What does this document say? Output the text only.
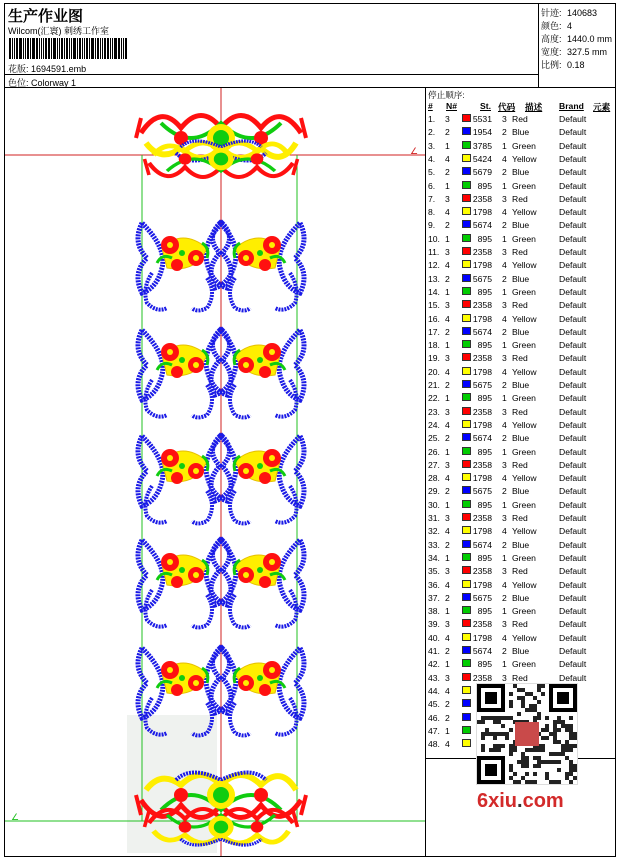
生产作业图
Wilcom(汇寰) 刺绣工作室
花版: 1694591.emb
色位: Colorway 1
针迹: 140683
颜色: 4
高度: 1440.0 mm
宽度: 327.5 mm
比例: 0.18
∠
∠
停止顺序:
# N#	St. 代码 描述 Brand 元素
1. 3	5531 3 Red	Default
2. 2	1954 2 Blue	Default
3. 1	3785 1 Green	Default
4. 4	5424 4 Yellow	Default
5. 2	5679 2 Blue	Default
6. 1	895 1 Green	Default
7. 3	2358 3 Red	Default
8. 4	1798 4 Yellow	Default
9. 2	5674 2 Blue	Default
10. 1	895 1 Green	Default
11. 3	2358 3 Red	Default
12. 4	1798 4 Yellow	Default
13. 2	5675 2 Blue	Default
14. 1	895 1 Green	Default
15. 3	2358 3 Red	Default
16. 4	1798 4 Yellow	Default
17. 2	5674 2 Blue	Default
18. 1	895 1 Green	Default
19. 3	2358 3 Red	Default
20. 4	1798 4 Yellow	Default
21. 2	5675 2 Blue	Default
22. 1	895 1 Green	Default
23. 3	2358 3 Red	Default
24. 4	1798 4 Yellow	Default
25. 2	5674 2 Blue	Default
26. 1	895 1 Green	Default
27. 3	2358 3 Red	Default
28. 4	1798 4 Yellow	Default
29. 2	5675 2 Blue	Default
30. 1	895 1 Green	Default
31. 3	2358 3 Red	Default
32. 4	1798 4 Yellow	Default
33. 2	5674 2 Blue	Default
34. 1	895 1 Green	Default
35. 3	2358 3 Red	Default
36. 4	1798 4 Yellow	Default
37. 2	5675 2 Blue	Default
38. 1	895 1 Green	Default
39. 3	2358 3 Red	Default
40. 4	1798 4 Yellow	Default
41. 2	5674 2 Blue	Default
42. 1	895 1 Green	Default
43. 3	2358 3 Red	Default
44. 4
45. 2
46. 2
47. 1
48. 4
6xiu.com
